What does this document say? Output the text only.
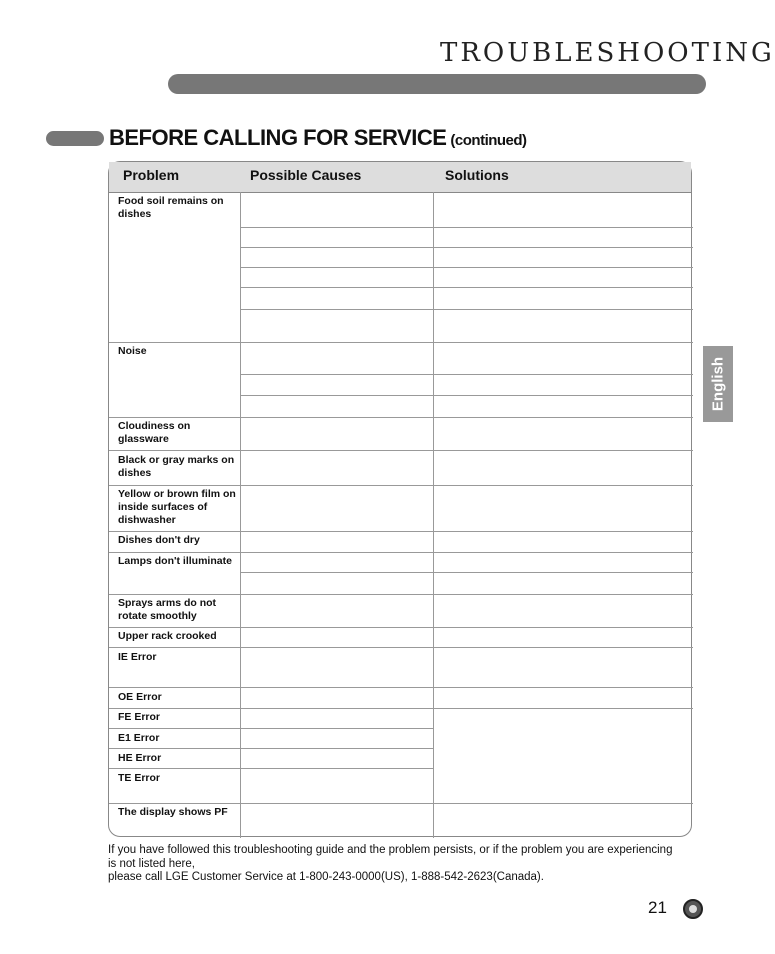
TROUBLESHOOTING
BEFORE CALLING FOR SERVICE (continued)
English
Problem	Possible Causes	Solutions
Food soil remains on dishes
Noise
Cloudiness on glassware
Black or gray marks on dishes
Yellow or brown film on inside surfaces of dishwasher
Dishes don't dry
Lamps don't illuminate
Sprays arms do not rotate smoothly
Upper rack crooked
IE Error
OE Error
FE Error
E1 Error
HE Error
TE Error
The display shows PF
If you have followed this troubleshooting guide and the problem persists, or if the problem you are experiencing is not listed here,
please call LGE Customer Service at 1-800-243-0000(US), 1-888-542-2623(Canada).
21
